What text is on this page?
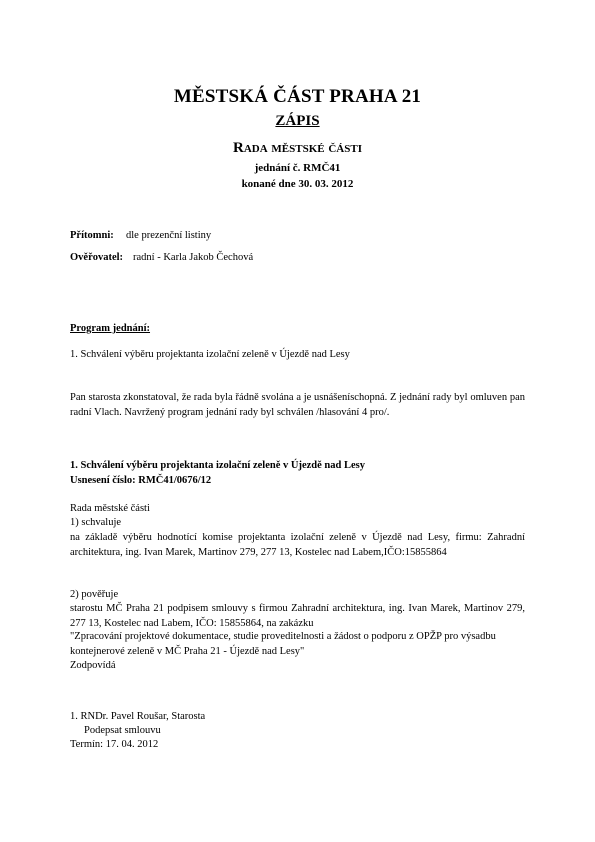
MĚSTSKÁ ČÁST PRAHA 21
ZÁPIS
Rada městské části
jednání č. RMČ41
konané dne 30. 03. 2012
Přítomni: dle prezenční listiny
Ověřovatel: radní - Karla Jakob Čechová
Program jednání:
1. Schválení výběru projektanta izolační zeleně v Újezdě nad Lesy
Pan starosta zkonstatoval, že rada byla řádně svolána a je usnášeníschopná. Z jednání rady byl omluven pan radní Vlach. Navržený program jednání rady byl schválen /hlasování 4 pro/.
1. Schválení výběru projektanta izolační zeleně v Újezdě nad Lesy
Usnesení číslo: RMČ41/0676/12
Rada městské části
1) schvaluje
na základě výběru hodnotící komise projektanta izolační zeleně v Újezdě nad Lesy, firmu: Zahradní architektura, ing. Ivan Marek, Martinov 279, 277 13, Kostelec nad Labem,IČO:15855864
2) pověřuje
starostu MČ Praha 21 podpisem smlouvy s firmou Zahradní architektura, ing. Ivan Marek, Martinov 279, 277 13, Kostelec nad Labem, IČO: 15855864, na zakázku
"Zpracování projektové dokumentace, studie proveditelnosti a žádost o podporu z OPŽP pro výsadbu kontejnerové zeleně v MČ Praha 21 - Újezdě nad Lesy"
Zodpovídá
1. RNDr. Pavel Roušar, Starosta
Podepsat smlouvu
Termín: 17. 04. 2012
